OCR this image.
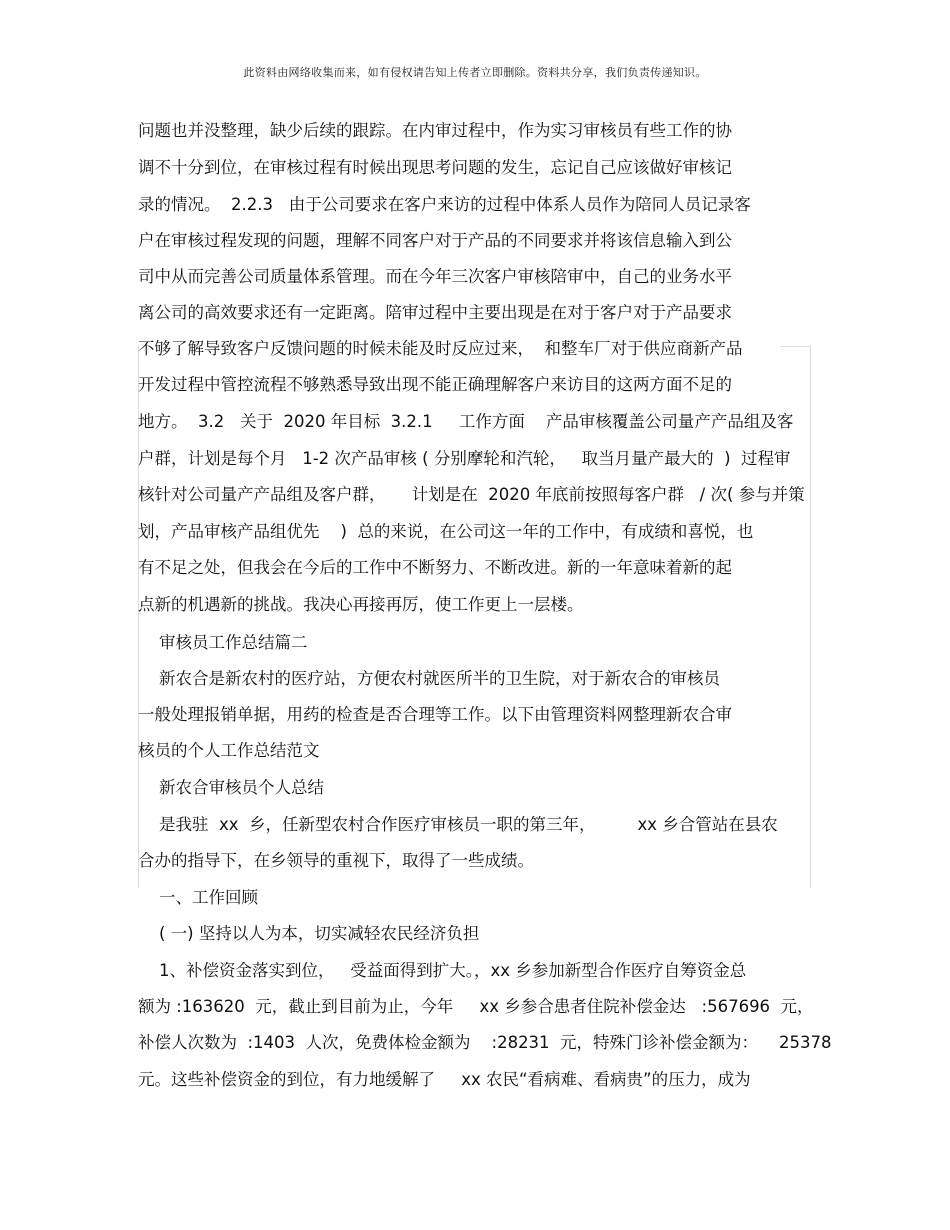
此资料由网络收集而来，如有侵权请告知上传者立即删除。资料共分享，我们负责传递知识。
问题也并没整理，缺少后续的跟踪。在内审过程中，作为实习审核员有些工作的协
调不十分到位，在审核过程有时候出现思考问题的发生，忘记自己应该做好审核记
录的情况。  2.2.3   由于公司要求在客户来访的过程中体系人员作为陪同人员记录客
户在审核过程发现的问题，理解不同客户对于产品的不同要求并将该信息输入到公
司中从而完善公司质量体系管理。而在今年三次客户审核陪审中，自己的业务水平
离公司的高效要求还有一定距离。陪审过程中主要出现是在对于客户对于产品要求
不够了解导致客户反馈问题的时候未能及时反应过来，  和整车厂对于供应商新产品
开发过程中管控流程不够熟悉导致出现不能正确理解客户来访目的这两方面不足的
地方。  3.2   关于  2020 年目标  3.2.1     工作方面    产品审核覆盖公司量产产品组及客
户群，计划是每个月   1-2 次产品审核 ( 分别摩轮和汽轮，   取当月量产最大的  )  过程审
核针对公司量产产品组及客户群，     计划是在  2020 年底前按照每客户群   / 次( 参与并策
划，产品审核产品组优先    )  总的来说，在公司这一年的工作中，有成绩和喜悦，也
有不足之处，但我会在今后的工作中不断努力、不断改进。新的一年意味着新的起
点新的机遇新的挑战。我决心再接再厉，使工作更上一层楼。
审核员工作总结篇二
新农合是新农村的医疗站，方便农村就医所半的卫生院，对于新农合的审核员
一般处理报销单据，用药的检查是否合理等工作。以下由管理资料网整理新农合审
核员的个人工作总结范文
新农合审核员个人总结
是我驻  xx  乡，任新型农村合作医疗审核员一职的第三年，        xx 乡合管站在县农
合办的指导下，在乡领导的重视下，取得了一些成绩。
一、工作回顾
( 一) 坚持以人为本，切实减轻农民经济负担
1、补偿资金落实到位，   受益面得到扩大。，xx 乡参加新型合作医疗自筹资金总
额为 :163620  元，截止到目前为止，今年     xx 乡参合患者住院补偿金达   :567696  元，
补偿人次数为  :1403  人次，免费体检金额为    :28231  元，特殊门诊补偿金额为：    25378
元。这些补偿资金的到位，有力地缓解了     xx 农民“看病难、看病贵”的压力，成为
